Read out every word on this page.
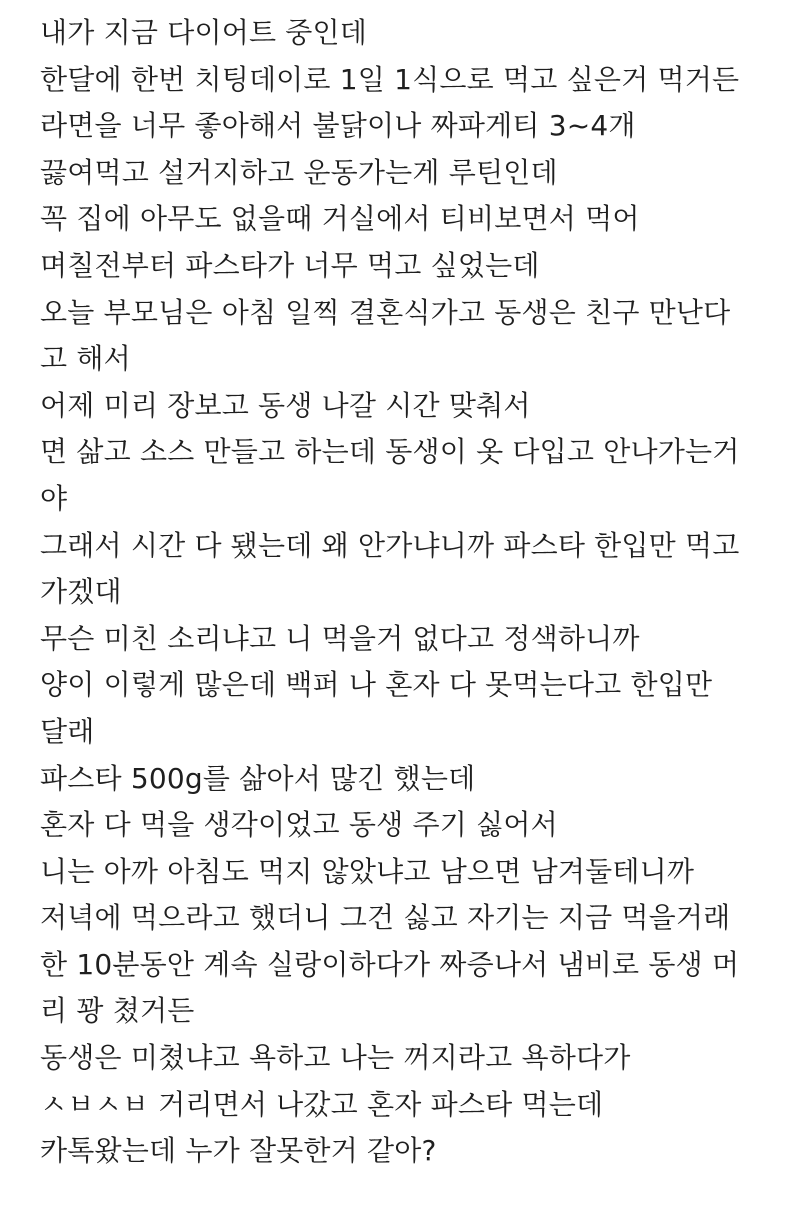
내가 지금 다이어트 중인데

한달에 한번 치팅데이로 1일 1식으로 먹고 싶은거 먹거든

라면을 너무 좋아해서 불닭이나 짜파게티 3~4개

끓여먹고 설거지하고 운동가는게 루틴인데

꼭 집에 아무도 없을때 거실에서 티비보면서 먹어

며칠전부터 파스타가 너무 먹고 싶었는데

오늘 부모님은 아침 일찍 결혼식가고 동생은 친구 만난다

고 해서

어제 미리 장보고 동생 나갈 시간 맞춰서

면 삶고 소스 만들고 하는데 동생이 옷 다입고 안나가는거

야

그래서 시간 다 됐는데 왜 안가냐니까 파스타 한입만 먹고

가겠대

무슨 미친 소리냐고 니 먹을거 없다고 정색하니까

양이 이렇게 많은데 백퍼 나 혼자 다 못먹는다고 한입만

달래

파스타 500g를 삶아서 많긴 했는데

혼자 다 먹을 생각이었고 동생 주기 싫어서

니는 아까 아침도 먹지 않았냐고 남으면 남겨둘테니까

저녁에 먹으라고 했더니 그건 싫고 자기는 지금 먹을거래

한 10분동안 계속 실랑이하다가 짜증나서 냄비로 동생 머

리 꽝 쳤거든

동생은 미쳤냐고 욕하고 나는 꺼지라고 욕하다가

ㅅㅂㅅㅂ 거리면서 나갔고 혼자 파스타 먹는데

카톡왔는데 누가 잘못한거 같아?
